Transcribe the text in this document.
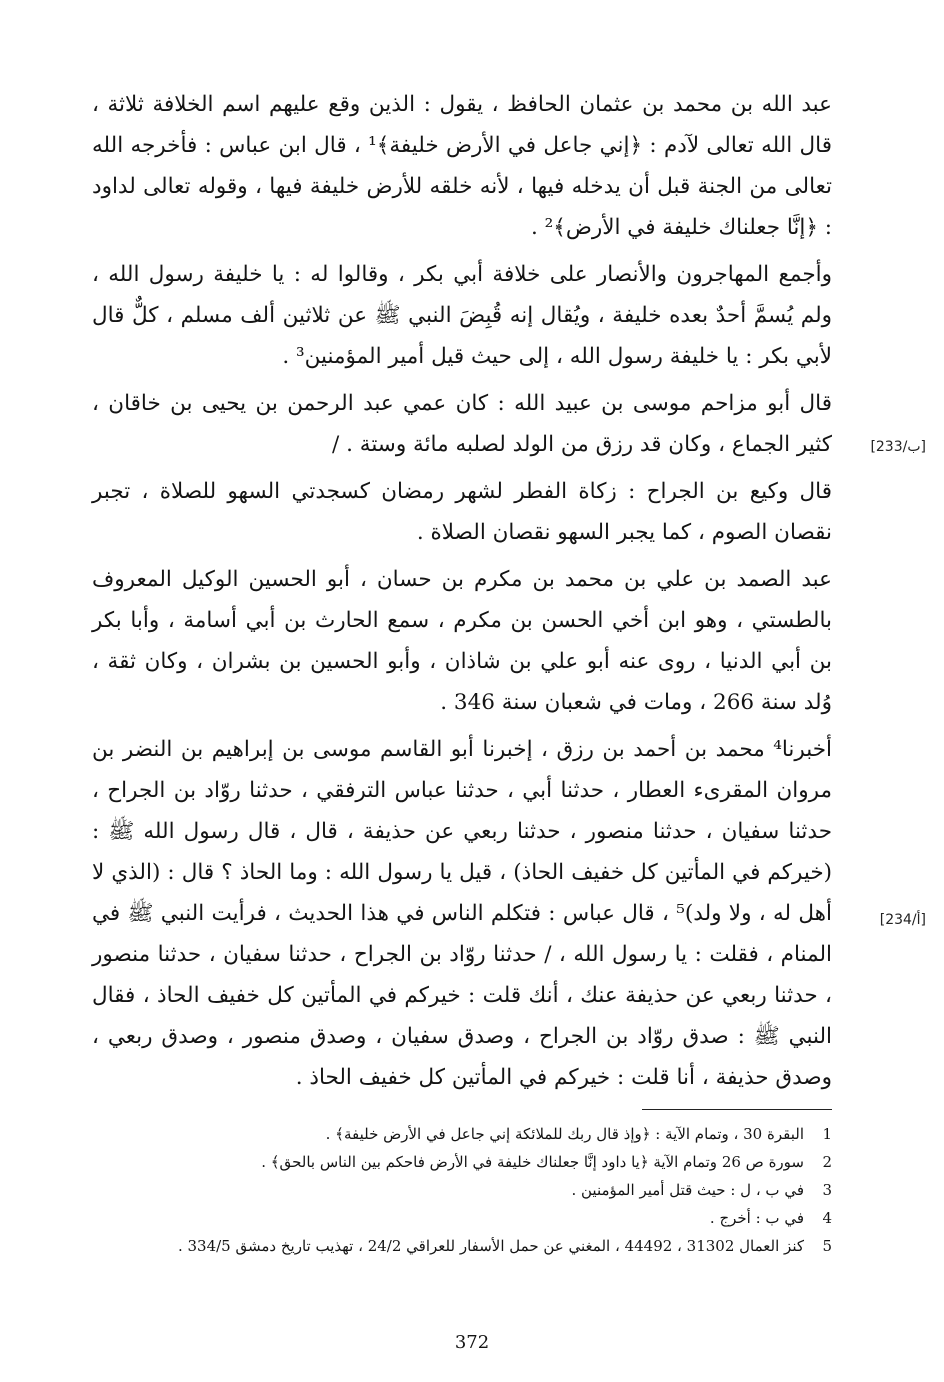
عبد الله بن محمد بن عثمان الحافظ ، يقول : الذين وقع عليهم اسم الخلافة ثلاثة ، قال الله تعالى لآدم : ﴿إني جاعل في الأرض خليفة﴾¹ ، قال ابن عباس : فأخرجه الله تعالى من الجنة قبل أن يدخله فيها ، لأنه خلقه للأرض خليفة فيها ، وقوله تعالى لداود : ﴿إنَّا جعلناك خليفة في الأرض﴾² .

وأجمع المهاجرون والأنصار على خلافة أبي بكر ، وقالوا له : يا خليفة رسول الله ، ولم يُسمَّ أحدٌ بعده خليفة ، ويُقال إنه قُبِضَ النبي ﷺ عن ثلاثين ألف مسلم ، كلٌّ قال لأبي بكر : يا خليفة رسول الله ، إلى حيث قيل أمير المؤمنين³ .

قال أبو مزاحم موسى بن عبيد الله : كان عمي عبد الرحمن بن يحيى بن خاقان ، كثير الجماع ، وكان قد رزق من الولد لصلبه مائة وستة . /

قال وكيع بن الجراح : زكاة الفطر لشهر رمضان كسجدتي السهو للصلاة ، تجبر نقصان الصوم ، كما يجبر السهو نقصان الصلاة .

عبد الصمد بن علي بن محمد بن مكرم بن حسان ، أبو الحسين الوكيل المعروف بالطستي ، وهو ابن أخي الحسن بن مكرم ، سمع الحارث بن أبي أسامة ، وأبا بكر بن أبي الدنيا ، روى عنه أبو علي بن شاذان ، وأبو الحسين بن بشران ، وكان ثقة ، وُلد سنة 266 ، ومات في شعبان سنة 346 .

أخبرنا⁴ محمد بن أحمد بن رزق ، إخبرنا أبو القاسم موسى بن إبراهيم بن النضر بن مروان المقرىء العطار ، حدثنا أبي ، حدثنا عباس الترفقي ، حدثنا روّاد بن الجراح ، حدثنا سفيان ، حدثنا منصور ، حدثنا ربعي عن حذيفة ، قال ، قال رسول الله ﷺ : (خيركم في المأتين كل خفيف الحاذ) ، قيل يا رسول الله : وما الحاذ ؟ قال : (الذي لا أهل له ، ولا ولد)⁵ ، قال عباس : فتكلم الناس في هذا الحديث ، فرأيت النبي ﷺ في المنام ، فقلت : يا رسول الله ، / حدثنا روّاد بن الجراح ، حدثنا سفيان ، حدثنا منصور ، حدثنا ربعي عن حذيفة عنك ، أنك قلت : خيركم في المأتين كل خفيف الحاذ ، فقال النبي ﷺ : صدق روّاد بن الجراح ، وصدق سفيان ، وصدق منصور ، وصدق ربعي ، وصدق حذيفة ، أنا قلت : خيركم في المأتين كل خفيف الحاذ .

[233/ب]
[234/أ]
1
البقرة 30 ، وتمام الآية : ﴿وإذ قال ربك للملائكة إني جاعل في الأرض خليفة﴾ .
2
سورة ص 26 وتمام الآية ﴿يا داود إنَّا جعلناك خليفة في الأرض فاحكم بين الناس بالحق﴾ .
3
في ب ، ل : حيث قتل أمير المؤمنين .
4
في ب : أخرج .
5
كنز العمال 31302 ، 44492 ، المغني عن حمل الأسفار للعراقي 24/2 ، تهذيب تاريخ دمشق 334/5 .
372
